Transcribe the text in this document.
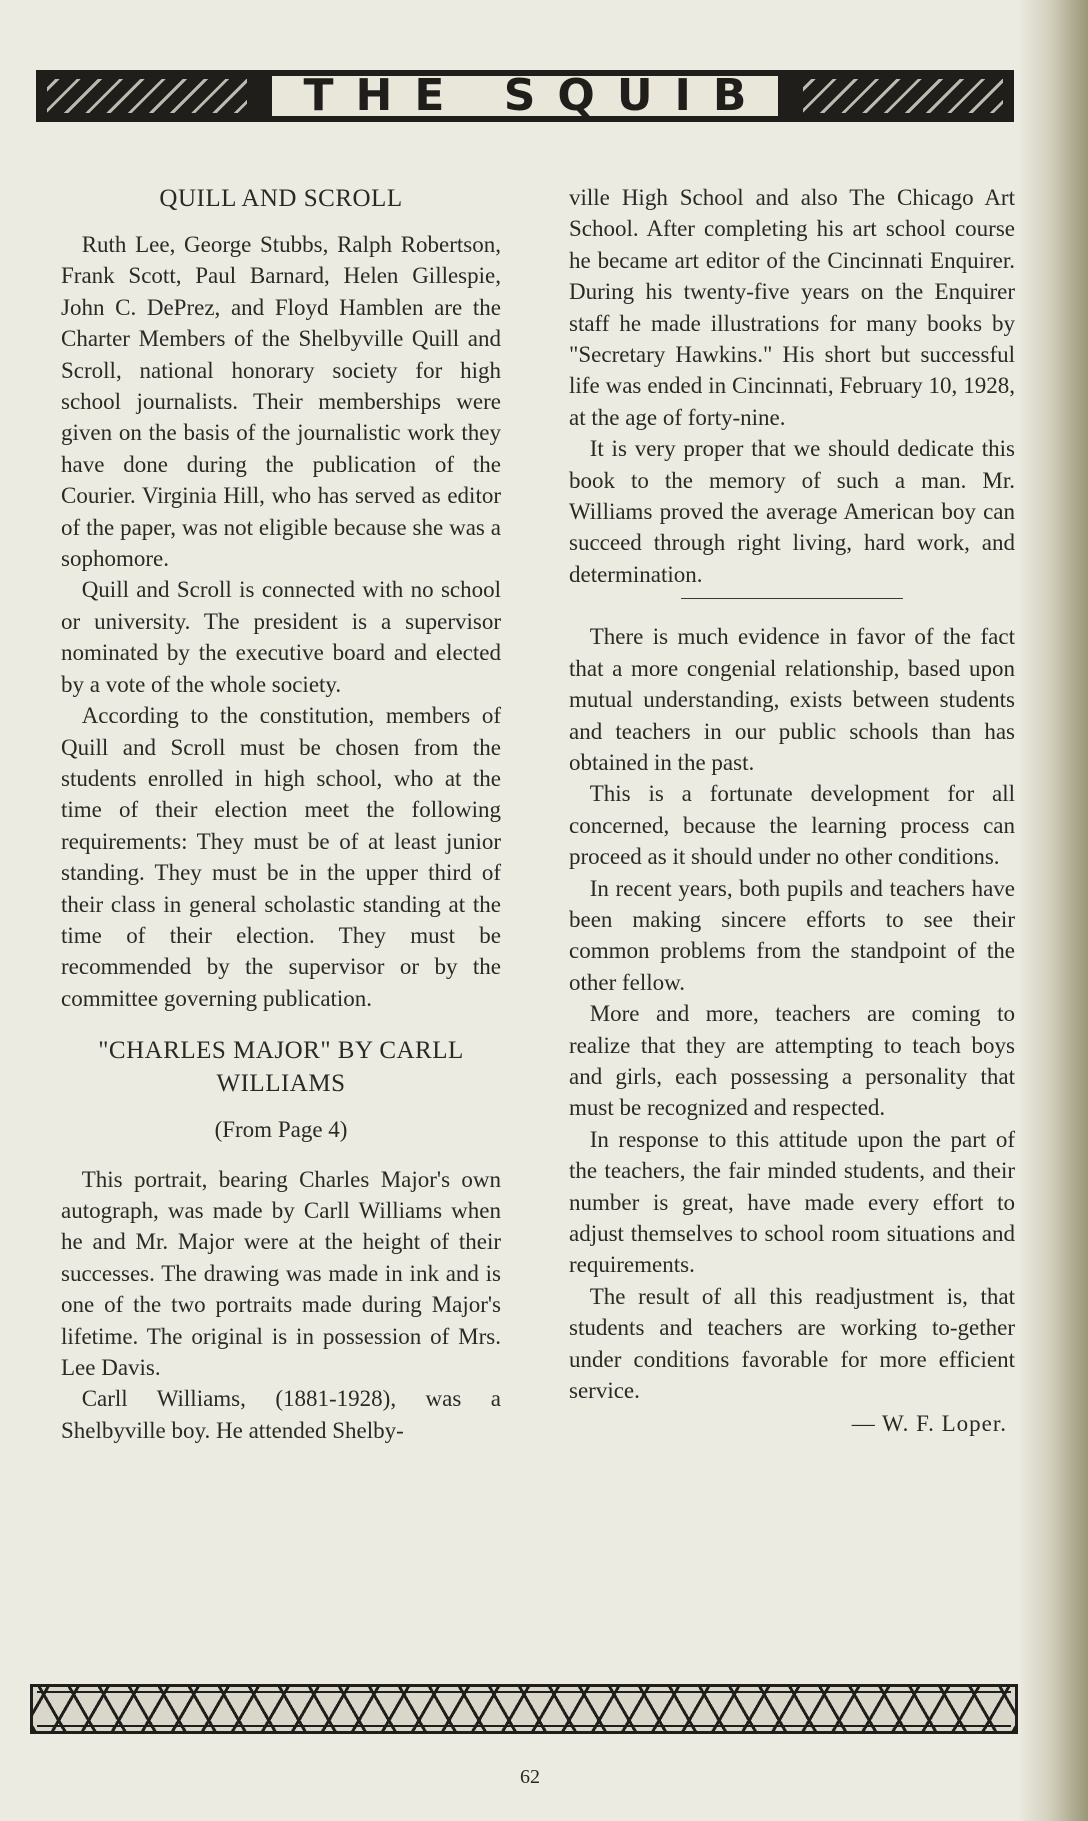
THE SQUIB
QUILL AND SCROLL

Ruth Lee, George Stubbs, Ralph Robertson, Frank Scott, Paul Barnard, Helen Gillespie, John C. DePrez, and Floyd Hamblen are the Charter Members of the Shelbyville Quill and Scroll, national honorary society for high school journalists. Their memberships were given on the basis of the journalistic work they have done during the publication of the Courier. Virginia Hill, who has served as editor of the paper, was not eligible because she was a sophomore.

Quill and Scroll is connected with no school or university. The president is a supervisor nominated by the executive board and elected by a vote of the whole society.

According to the constitution, members of Quill and Scroll must be chosen from the students enrolled in high school, who at the time of their election meet the following requirements: They must be of at least junior standing. They must be in the upper third of their class in general scholastic standing at the time of their election. They must be recommended by the supervisor or by the committee governing publication.

"CHARLES MAJOR" BY CARLL WILLIAMS
(From Page 4)

This portrait, bearing Charles Major's own autograph, was made by Carll Williams when he and Mr. Major were at the height of their successes. The drawing was made in ink and is one of the two portraits made during Major's lifetime. The original is in possession of Mrs. Lee Davis.

Carll Williams, (1881-1928), was a Shelbyville boy. He attended Shelby-

ville High School and also The Chicago Art School. After completing his art school course he became art editor of the Cincinnati Enquirer. During his twenty-five years on the Enquirer staff he made illustrations for many books by "Secretary Hawkins." His short but successful life was ended in Cincinnati, February 10, 1928, at the age of forty-nine.

It is very proper that we should dedicate this book to the memory of such a man. Mr. Williams proved the average American boy can succeed through right living, hard work, and determination.

There is much evidence in favor of the fact that a more congenial relationship, based upon mutual understanding, exists between students and teachers in our public schools than has obtained in the past.

This is a fortunate development for all concerned, because the learning process can proceed as it should under no other conditions.

In recent years, both pupils and teachers have been making sincere efforts to see their common problems from the standpoint of the other fellow.

More and more, teachers are coming to realize that they are attempting to teach boys and girls, each possessing a personality that must be recognized and respected.

In response to this attitude upon the part of the teachers, the fair minded students, and their number is great, have made every effort to adjust themselves to school room situations and requirements.

The result of all this readjustment is, that students and teachers are working to-gether under conditions favorable for more efficient service.

— W. F. Loper.
62
